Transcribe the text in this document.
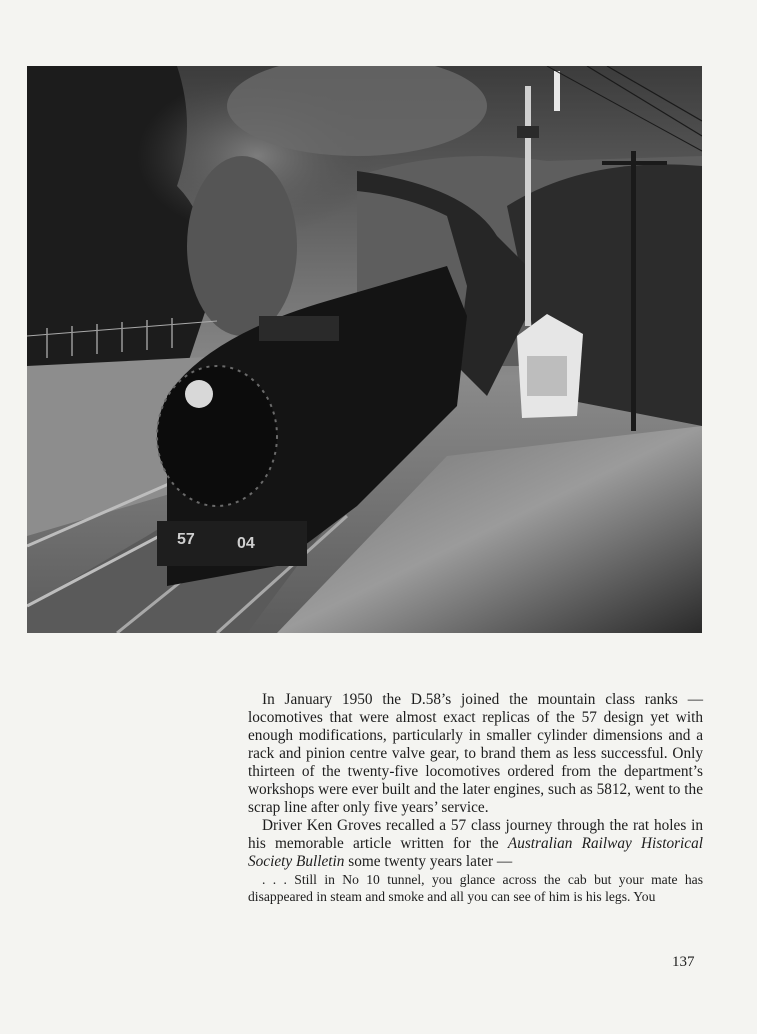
57	04

In January 1950 the D.58’s joined the mountain class ranks — locomotives that were almost exact replicas of the 57 design yet with enough modifications, particularly in smaller cylinder dimensions and a rack and pinion centre valve gear, to brand them as less successful. Only thirteen of the twenty-five locomotives ordered from the department’s workshops were ever built and the later engines, such as 5812, went to the scrap line after only five years’ service.

Driver Ken Groves recalled a 57 class journey through the rat holes in his memorable article written for the Australian Railway Historical Society Bulletin some twenty years later —

. . . Still in No 10 tunnel, you glance across the cab but your mate has disappeared in steam and smoke and all you can see of him is his legs. You

137
